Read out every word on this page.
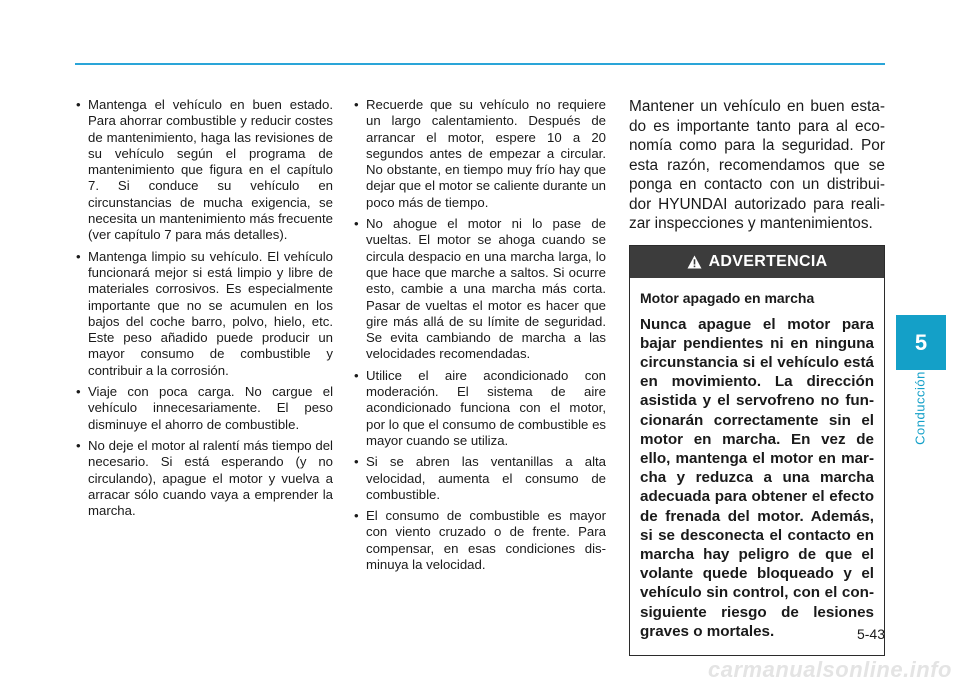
• Mantenga el vehículo en buen estado. Para ahorrar combustible y reducir costes de mantenimiento, haga las revisiones de su vehículo según el programa de mantenimiento que figura en el capítulo 7. Si conduce su vehículo en circunstancias de mucha exigencia, se necesita un mantenimiento más frecuente (ver capítulo 7 para más detalles).
• Mantenga limpio su vehículo. El vehículo funcionará mejor si está limpio y libre de materiales corrosivos. Es especialmente importante que no se acumulen en los bajos del coche barro, polvo, hielo, etc. Este peso añadido puede producir un mayor consumo de combustible y contribuir a la corrosión.
• Viaje con poca carga. No cargue el vehículo innecesariamente. El peso disminuye el ahorro de combustible.
• No deje el motor al ralentí más tiempo del necesario. Si está esperando (y no circulando), apague el motor y vuelva a arracar sólo cuando vaya a emprender la marcha.
• Recuerde que su vehículo no requiere un largo calentamiento. Después de arrancar el motor, espere 10 a 20 segundos antes de empezar a circular. No obstante, en tiempo muy frío hay que dejar que el motor se caliente durante un poco más de tiempo.
• No ahogue el motor ni lo pase de vueltas. El motor se ahoga cuando se circula despacio en una marcha larga, lo que hace que marche a saltos. Si ocurre esto, cambie a una marcha más corta. Pasar de vueltas el motor es hacer que gire más allá de su límite de seguridad. Se evita cambiando de marcha a las velocidades recomendadas.
• Utilice el aire acondicionado con moderación. El sistema de aire acondicionado funciona con el motor, por lo que el consumo de combustible es mayor cuando se utiliza.
• Si se abren las ventanillas a alta velocidad, aumenta el consumo de combustible.
• El consumo de combustible es mayor con viento cruzado o de frente. Para compensar, en esas condiciones disminuya la velocidad.

Mantener un vehículo en buen estado es importante tanto para al economía como para la seguridad. Por esta razón, recomendamos que se ponga en contacto con un distribuidor HYUNDAI autorizado para realizar inspecciones y mantenimientos.

ADVERTENCIA

Motor apagado en marcha

Nunca apague el motor para bajar pendientes ni en ninguna circunstancia si el vehículo está en movimiento. La dirección asistida y el servofreno no funcionarán correctamente sin el motor en marcha. En vez de ello, mantenga el motor en marcha y reduzca a una marcha adecuada para obtener el efecto de frenada del motor. Además, si se desconecta el contacto en marcha hay peligro de que el volante quede bloqueado y el vehículo sin control, con el consiguiente riesgo de lesiones graves o mortales.

5
Conducción
5-43
carmanualsonline.info
